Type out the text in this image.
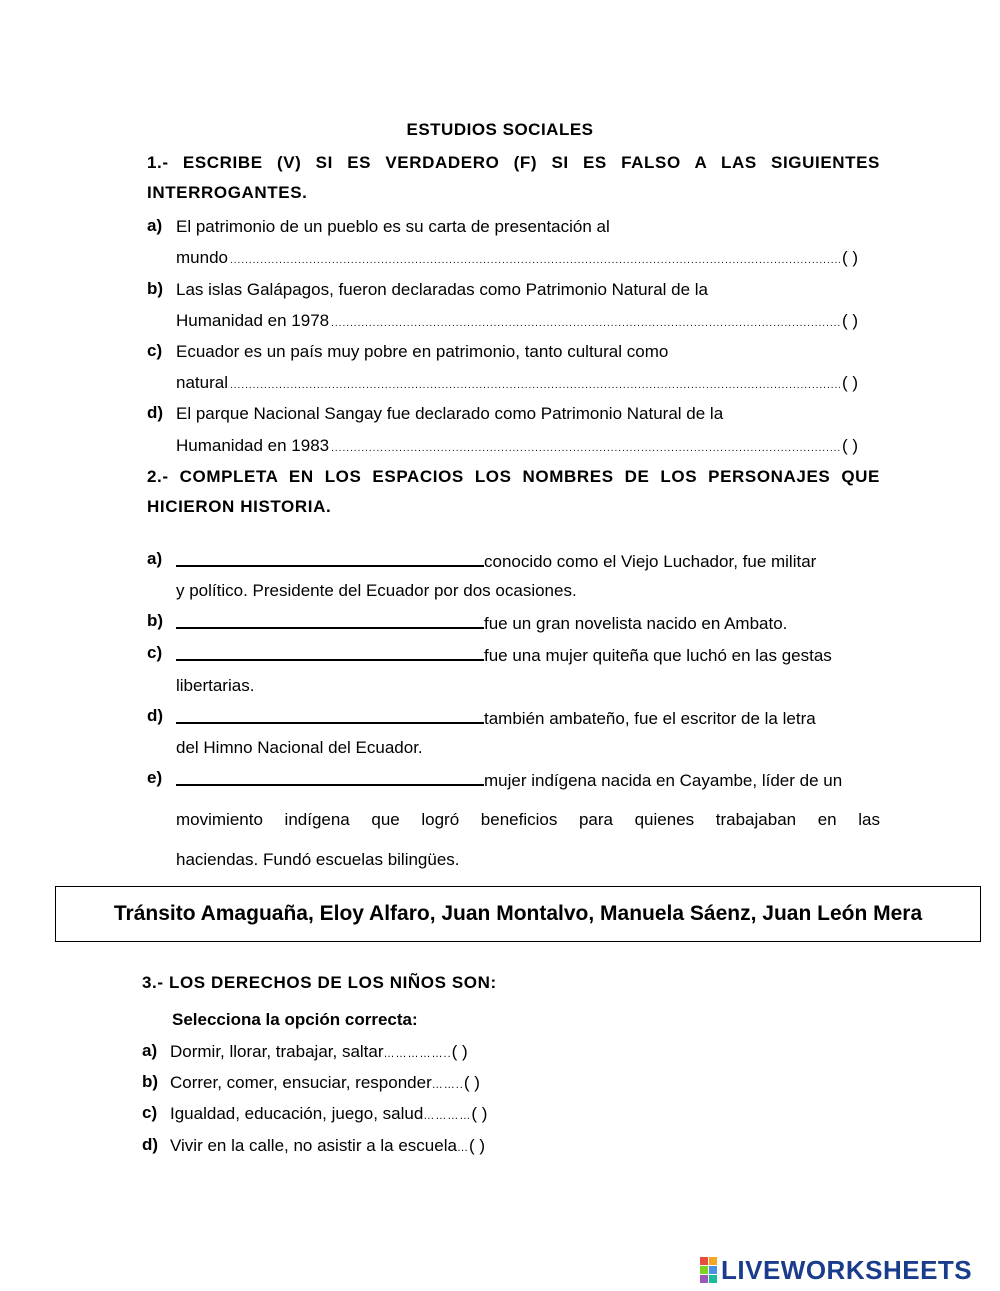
ESTUDIOS SOCIALES
1.- ESCRIBE (V) SI ES VERDADERO (F) SI ES FALSO A LAS SIGUIENTES INTERROGANTES.
a) El patrimonio de un pueblo es su carta de presentación al
mundo .....	( )
b) Las islas Galápagos, fueron declaradas como Patrimonio Natural de la
Humanidad en 1978 .....	( )
c) Ecuador es un país muy pobre en patrimonio, tanto cultural como
natural .....	( )
d) El parque Nacional Sangay fue declarado como Patrimonio Natural de la
Humanidad en 1983 .....	( )
2.- COMPLETA EN LOS ESPACIOS LOS NOMBRES DE LOS PERSONAJES QUE HICIERON HISTORIA.
a)	conocido como el Viejo Luchador, fue militar
y político. Presidente del Ecuador por dos ocasiones.
b)	fue un gran novelista nacido en Ambato.
c)	fue una mujer quiteña que luchó en las gestas
libertarias.
d)	también ambateño, fue el escritor de la letra
del Himno Nacional del Ecuador.
e)	mujer indígena nacida en Cayambe, líder de un
movimiento indígena que logró beneficios para quienes trabajaban en las
haciendas. Fundó escuelas bilingües.
Tránsito Amaguaña, Eloy Alfaro, Juan Montalvo, Manuela Sáenz, Juan León Mera
3.- LOS DERECHOS DE LOS NIÑOS SON:
Selecciona la opción correcta:
a) Dormir, llorar, trabajar, saltar……………..( )
b) Correr, comer, ensuciar, responder……..( )
c) Igualdad, educación, juego, salud…………( )
d) Vivir en la calle, no asistir a la escuela…( )
LIVEWORKSHEETS
